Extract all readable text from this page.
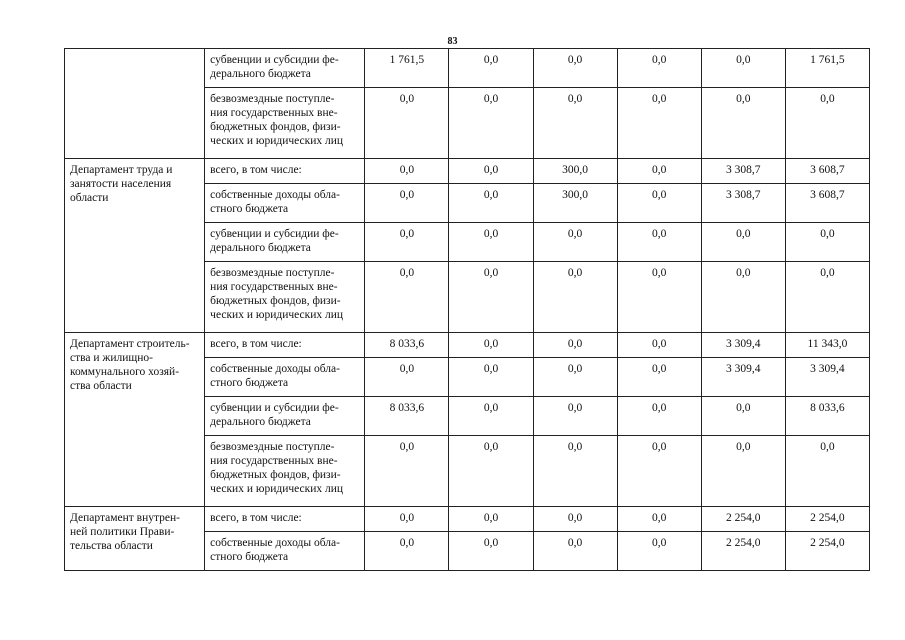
83
	субвенции и субсидии фе-
дерального бюджета	1 761,5	0,0	0,0	0,0	0,0	1 761,5
	безвозмездные поступле-
ния государственных вне-
бюджетных фондов, физи-
ческих и юридических лиц	0,0	0,0	0,0	0,0	0,0	0,0
Департамент труда и
занятости населения
области	всего, в том числе:	0,0	0,0	300,0	0,0	3 308,7	3 608,7
	собственные доходы обла-
стного бюджета	0,0	0,0	300,0	0,0	3 308,7	3 608,7
	субвенции и субсидии фе-
дерального бюджета	0,0	0,0	0,0	0,0	0,0	0,0
	безвозмездные поступле-
ния государственных вне-
бюджетных фондов, физи-
ческих и юридических лиц	0,0	0,0	0,0	0,0	0,0	0,0
Департамент строитель-
ства и жилищно-
коммунального хозяй-
ства области	всего, в том числе:	8 033,6	0,0	0,0	0,0	3 309,4	11 343,0
	собственные доходы обла-
стного бюджета	0,0	0,0	0,0	0,0	3 309,4	3 309,4
	субвенции и субсидии фе-
дерального бюджета	8 033,6	0,0	0,0	0,0	0,0	8 033,6
	безвозмездные поступле-
ния государственных вне-
бюджетных фондов, физи-
ческих и юридических лиц	0,0	0,0	0,0	0,0	0,0	0,0
Департамент внутрен-
ней политики Прави-
тельства области	всего, в том числе:	0,0	0,0	0,0	0,0	2 254,0	2 254,0
	собственные доходы обла-
стного бюджета	0,0	0,0	0,0	0,0	2 254,0	2 254,0
